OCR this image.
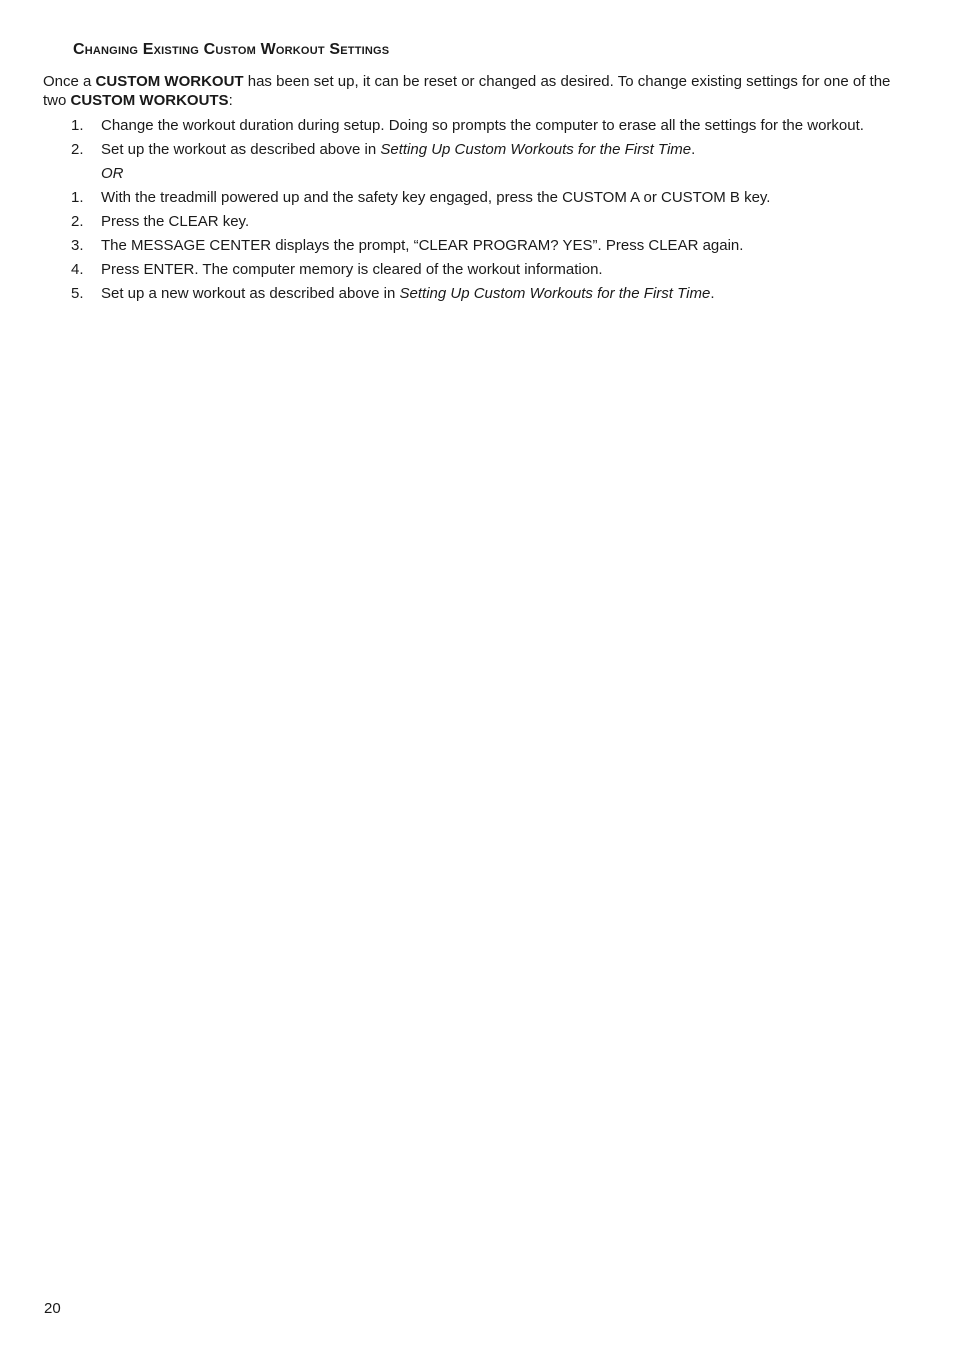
Changing Existing Custom Workout Settings

Once a CUSTOM WORKOUT has been set up, it can be reset or changed as desired. To change existing settings for one of the two CUSTOM WORKOUTS:

1. Change the workout duration during setup. Doing so prompts the computer to erase all the settings for the workout.
2. Set up the workout as described above in Setting Up Custom Workouts for the First Time.
OR
1. With the treadmill powered up and the safety key engaged, press the CUSTOM A or CUSTOM B key.
2. Press the CLEAR key.
3. The MESSAGE CENTER displays the prompt, “CLEAR PROGRAM? YES”. Press CLEAR again.
4. Press ENTER. The computer memory is cleared of the workout information.
5. Set up a new workout as described above in Setting Up Custom Workouts for the First Time.

20
